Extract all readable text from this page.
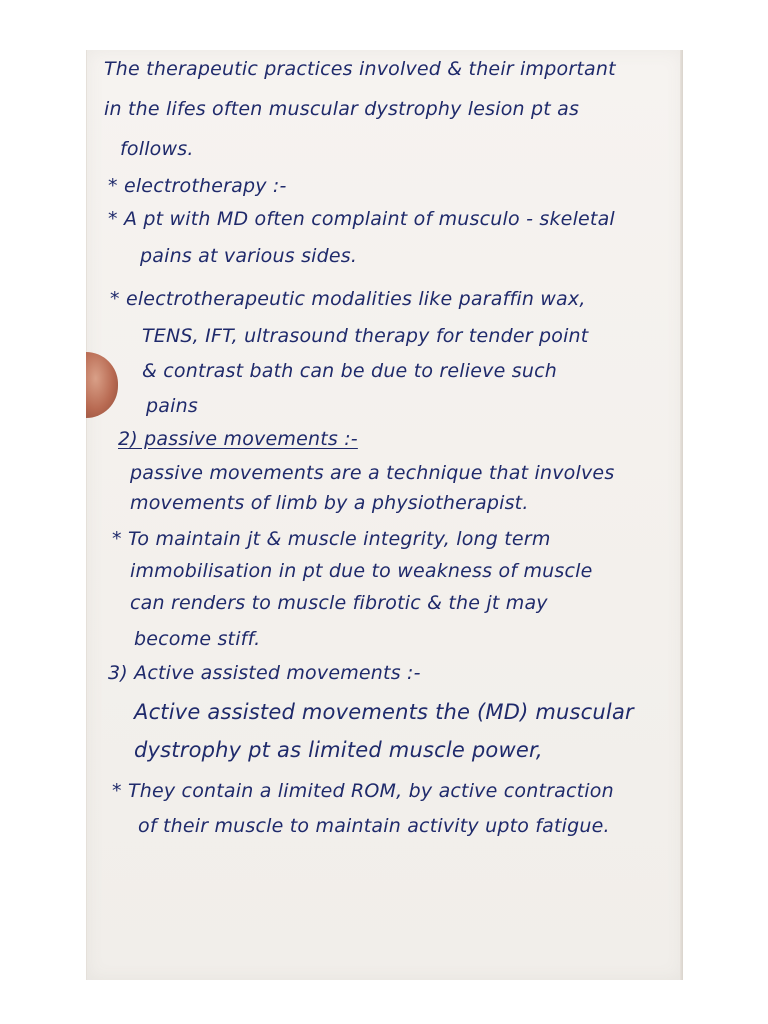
The therapeutic practices involved & their important
in the lifes often muscular dystrophy lesion pt as
follows.
* electrotherapy :-
* A pt with MD often complaint of musculo - skeletal
pains at various sides.
* electrotherapeutic modalities like paraffin wax,
TENS, IFT, ultrasound therapy for tender point
& contrast bath can be due to relieve such
pains
2) passive movements :-
passive movements are a technique that involves
movements of limb by a physiotherapist.
* To maintain jt & muscle integrity, long term
immobilisation in pt due to weakness of muscle
can renders to muscle fibrotic & the jt may
become stiff.
3) Active assisted movements :-
Active assisted movements the (MD) muscular
dystrophy pt as limited muscle power,
* They contain a limited ROM, by active contraction
of their muscle to maintain activity upto fatigue.
